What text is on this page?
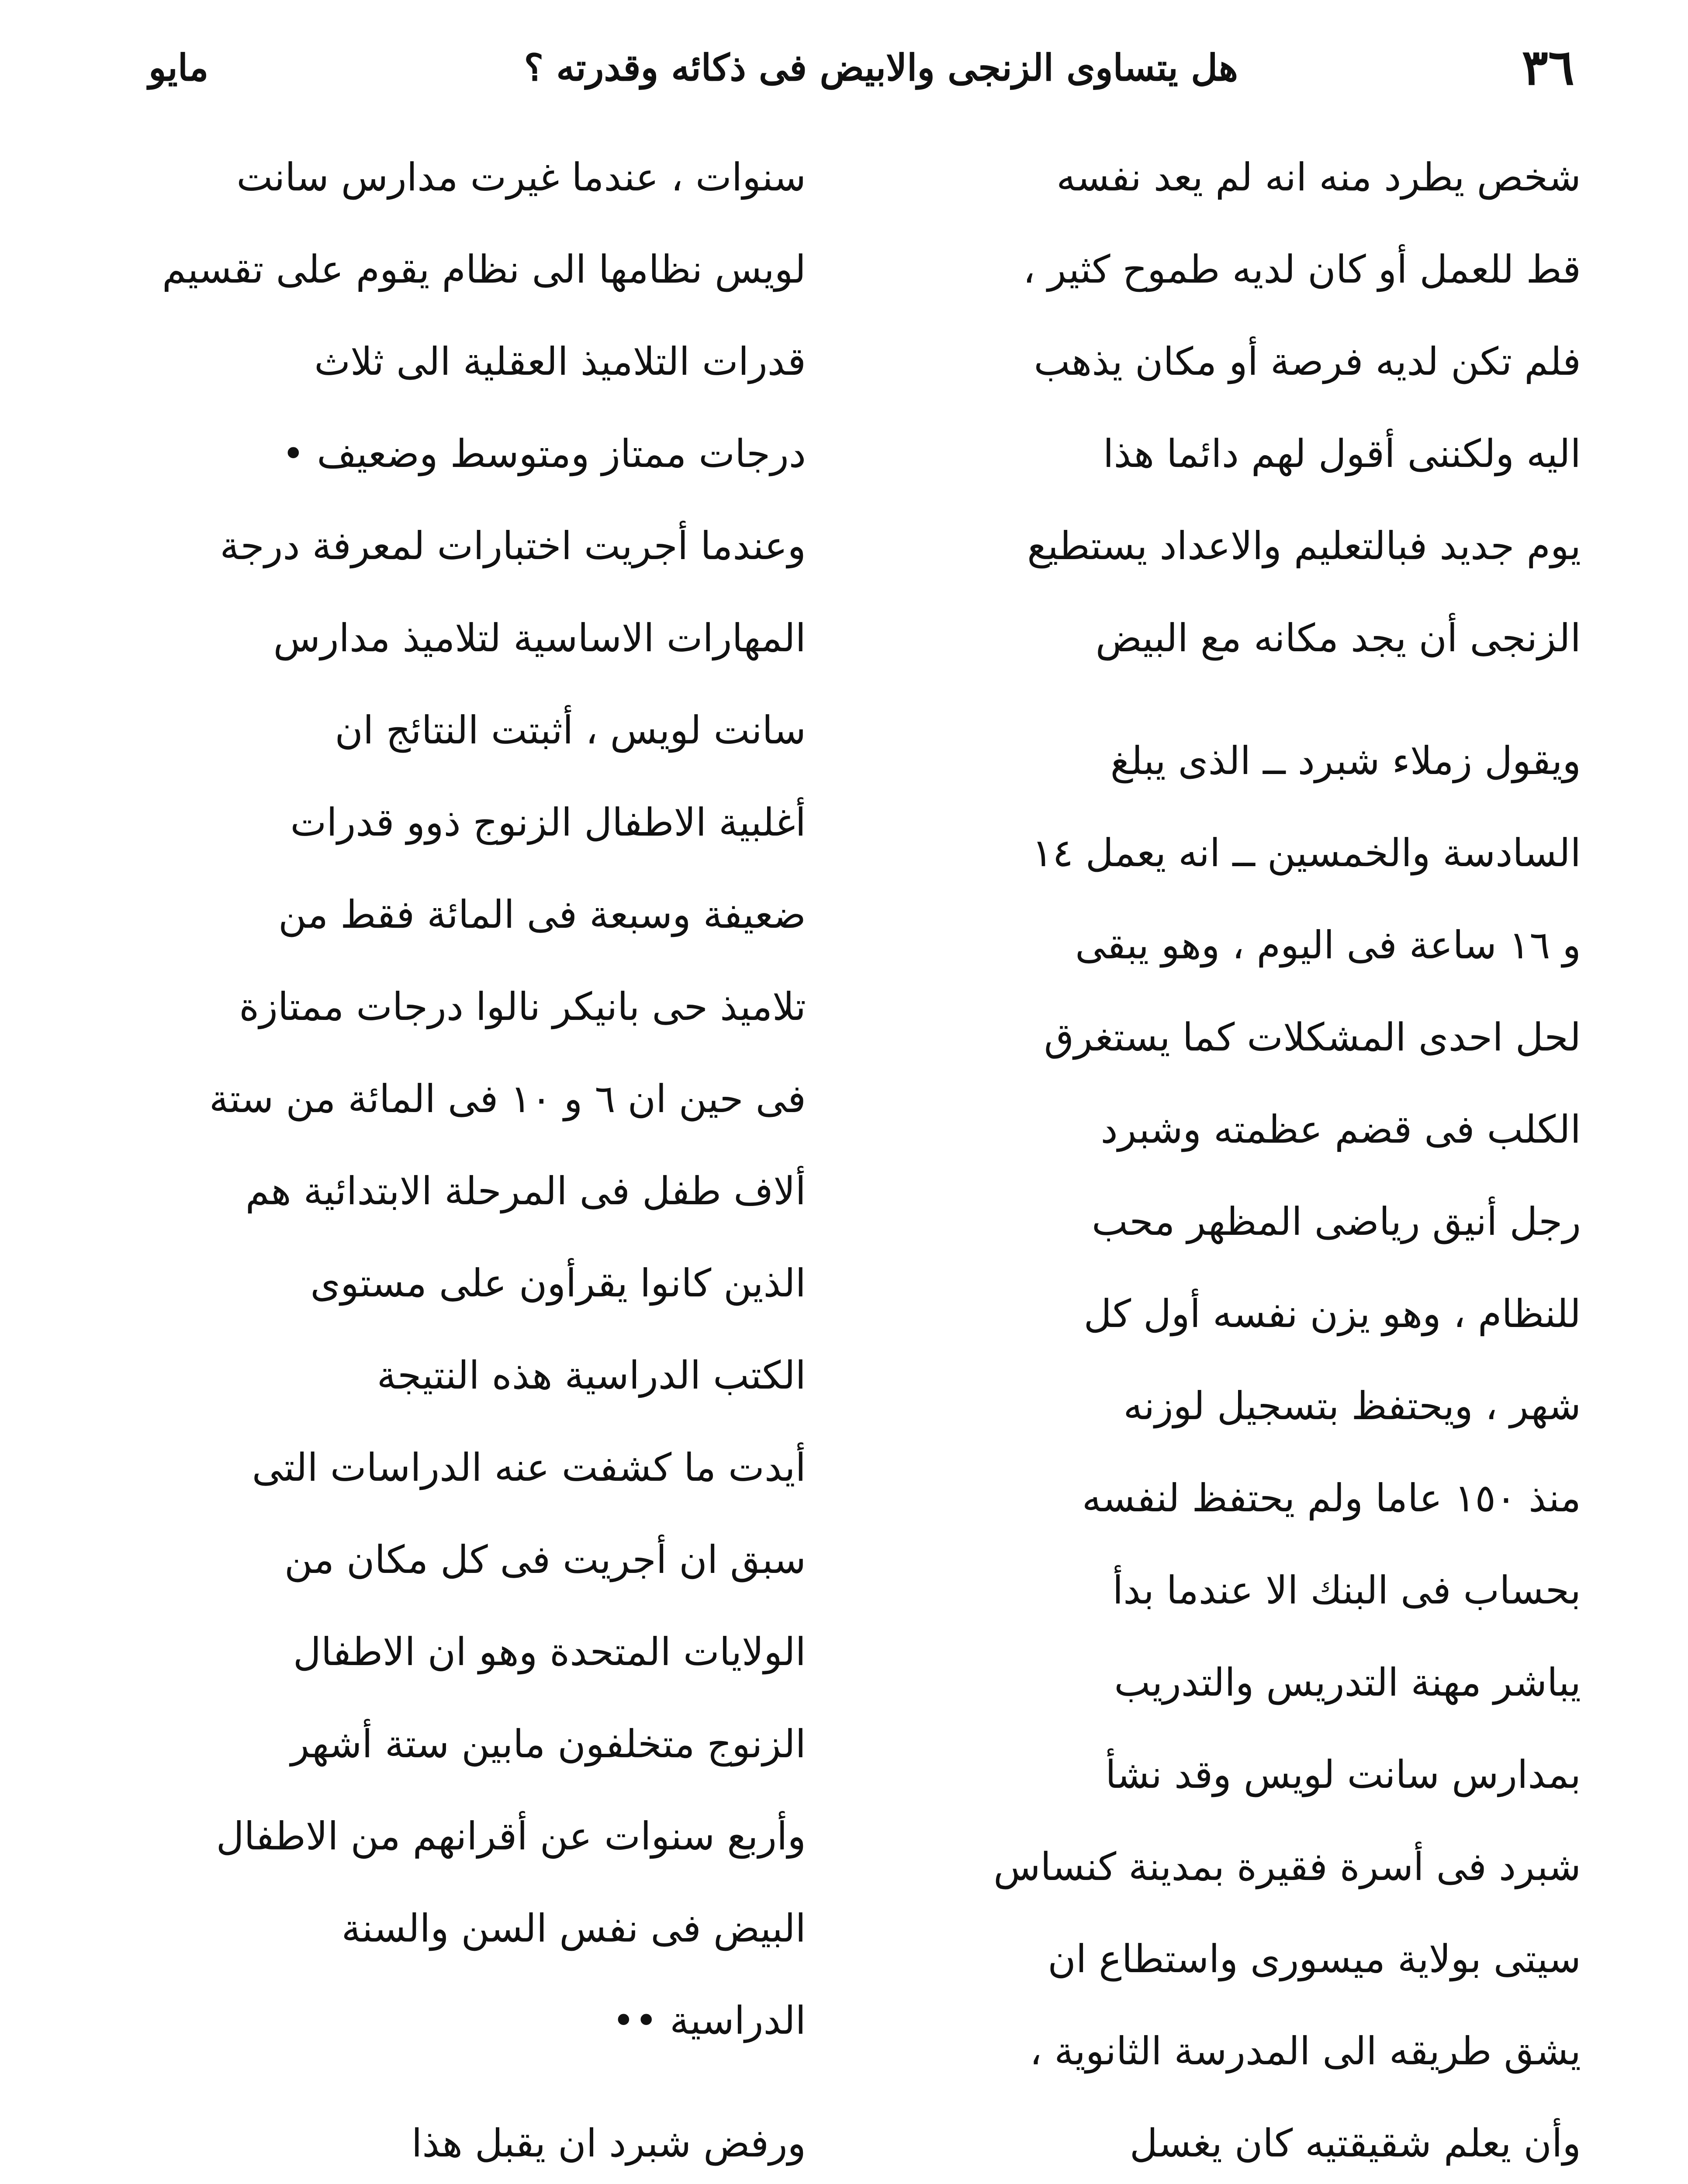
٣٦
هل يتساوى الزنجى والابيض فى ذكائه وقدرته ؟
مايو

شخص يطرد منه انه لم يعد نفسه
قط للعمل أو كان لديه طموح كثير ،
فلم تكن لديه فرصة أو مكان يذهب
اليه ولكننى أقول لهم دائما هذا
يوم جديد فبالتعليم والاعداد يستطيع
الزنجى أن يجد مكانه مع البيض

ويقول زملاء شبرد ــ الذى يبلغ
السادسة والخمسين ــ انه يعمل ١٤
و ١٦ ساعة فى اليوم ، وهو يبقى
لحل احدى المشكلات كما يستغرق
الكلب فى قضم عظمته وشبرد
رجل أنيق رياضى المظهر محب
للنظام ، وهو يزن نفسه أول كل
شهر ، ويحتفظ بتسجيل لوزنه
منذ ١٥٠ عاما ولم يحتفظ لنفسه
بحساب فى البنك الا عندما بدأ
يباشر مهنة التدريس والتدريب
بمدارس سانت لويس وقد نشأ
شبرد فى أسرة فقيرة بمدينة كنساس
سيتى بولاية ميسورى واستطاع ان
يشق طريقه الى المدرسة الثانوية ،
وأن يعلم شقيقتيه كان يغسل

سنوات ، عندما غيرت مدارس سانت
لويس نظامها الى نظام يقوم على تقسيم
قدرات التلاميذ العقلية الى ثلاث
درجات ممتاز ومتوسط وضعيف •
وعندما أجريت اختبارات لمعرفة درجة
المهارات الاساسية لتلاميذ مدارس
سانت لويس ، أثبتت النتائج ان
أغلبية الاطفال الزنوج ذوو قدرات
ضعيفة وسبعة فى المائة فقط من
تلاميذ حى بانيكر نالوا درجات ممتازة
فى حين ان ٦ و ١٠ فى المائة من ستة
ألاف طفل فى المرحلة الابتدائية هم
الذين كانوا يقرأون على مستوى
الكتب الدراسية هذه النتيجة
أيدت ما كشفت عنه الدراسات التى
سبق ان أجريت فى كل مكان من
الولايات المتحدة وهو ان الاطفال
الزنوج متخلفون مابين ستة أشهر
وأربع سنوات عن أقرانهم من الاطفال
البيض فى نفس السن والسنة
الدراسية ••

ورفض شبرد ان يقبل هذا
